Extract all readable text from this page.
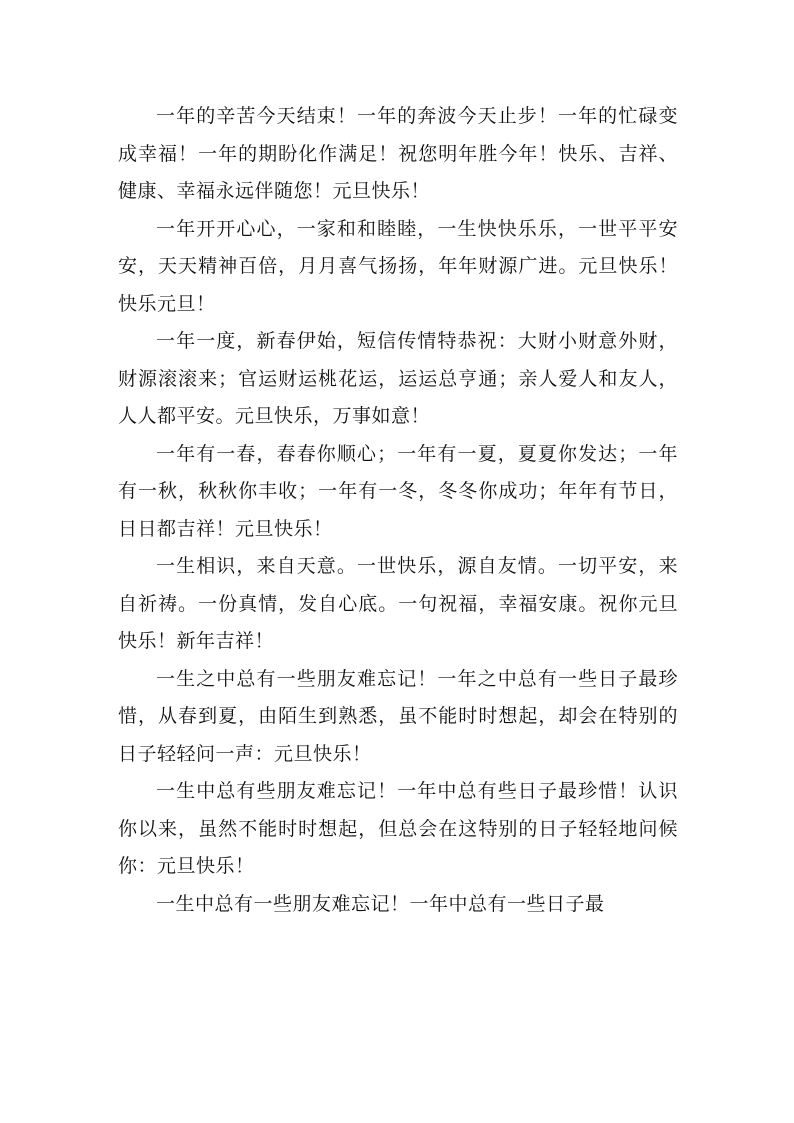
一年的辛苦今天结束！一年的奔波今天止步！一年的忙碌变成幸福！一年的期盼化作满足！祝您明年胜今年！快乐、吉祥、健康、幸福永远伴随您！元旦快乐！

一年开开心心，一家和和睦睦，一生快快乐乐，一世平平安安，天天精神百倍，月月喜气扬扬，年年财源广进。元旦快乐！快乐元旦！

一年一度，新春伊始，短信传情特恭祝：大财小财意外财，财源滚滚来；官运财运桃花运，运运总亨通；亲人爱人和友人，人人都平安。元旦快乐，万事如意！

一年有一春，春春你顺心；一年有一夏，夏夏你发达；一年有一秋，秋秋你丰收；一年有一冬，冬冬你成功；年年有节日，日日都吉祥！元旦快乐！

一生相识，来自天意。一世快乐，源自友情。一切平安，来自祈祷。一份真情，发自心底。一句祝福，幸福安康。祝你元旦快乐！新年吉祥！

一生之中总有一些朋友难忘记！一年之中总有一些日子最珍惜，从春到夏，由陌生到熟悉，虽不能时时想起，却会在特别的日子轻轻问一声：元旦快乐！

一生中总有些朋友难忘记！一年中总有些日子最珍惜！认识你以来，虽然不能时时想起，但总会在这特别的日子轻轻地问候你：元旦快乐！

一生中总有一些朋友难忘记！一年中总有一些日子最
